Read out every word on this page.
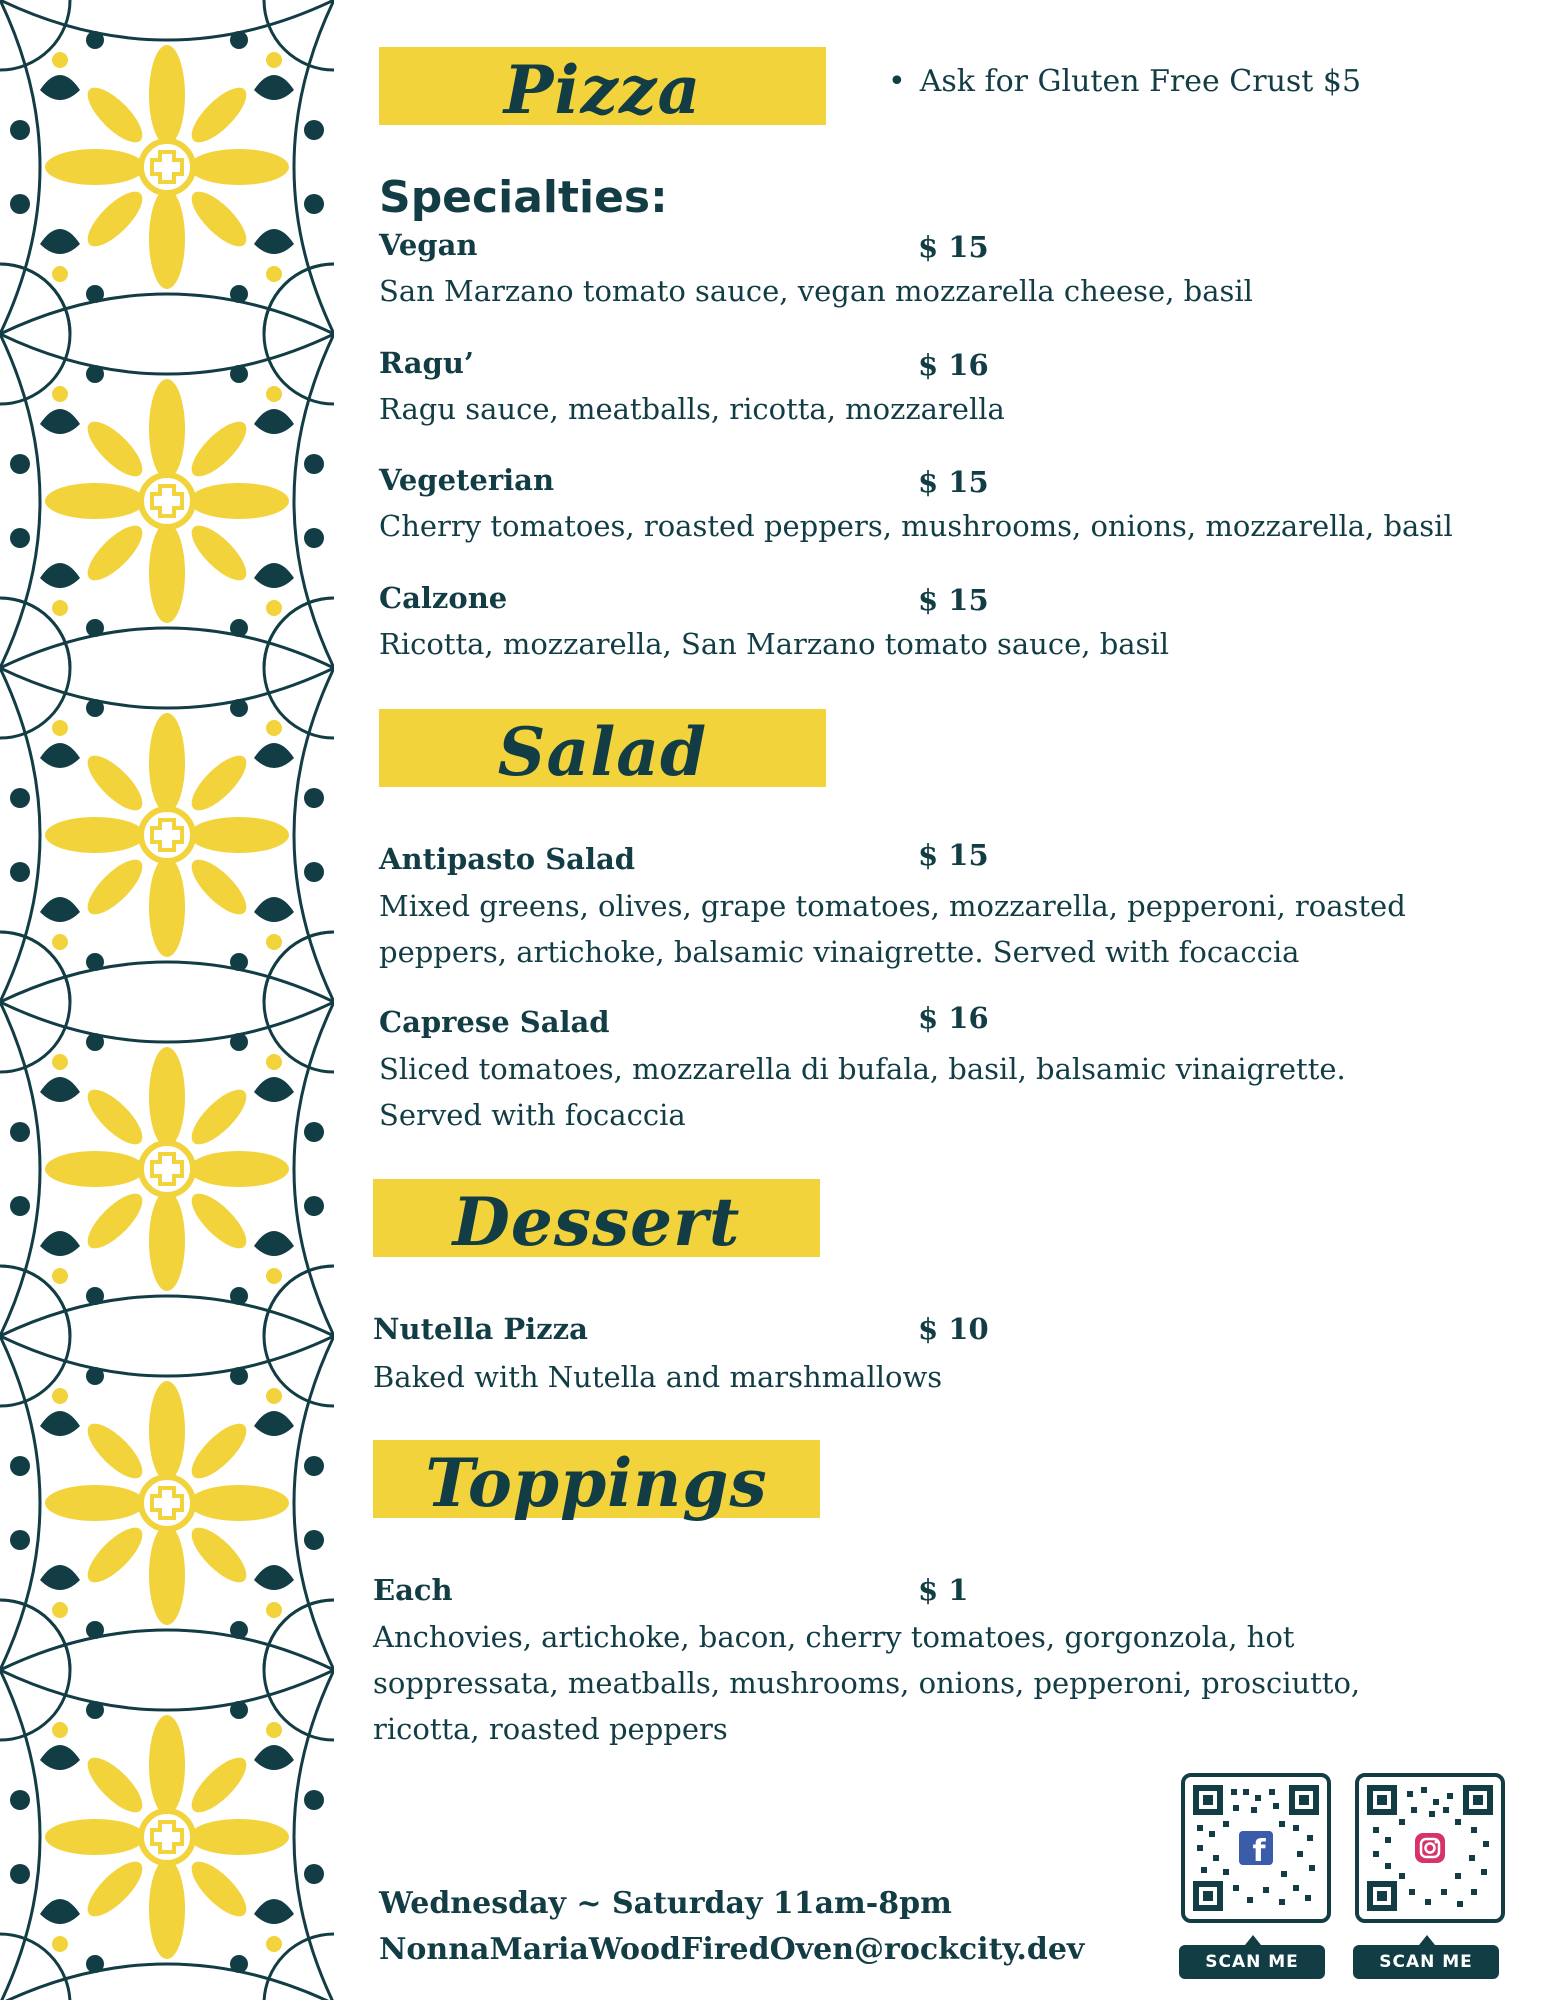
Pizza
•	Ask for Gluten Free Crust $5
Specialties:
Vegan	$ 15
San Marzano tomato sauce, vegan mozzarella cheese, basil
Ragu’	$ 16
Ragu sauce, meatballs, ricotta, mozzarella
Vegeterian	$ 15
Cherry tomatoes, roasted peppers, mushrooms, onions, mozzarella, basil
Calzone	$ 15
Ricotta, mozzarella, San Marzano tomato sauce, basil
Salad
Antipasto Salad	$ 15
Mixed greens, olives, grape tomatoes, mozzarella, pepperoni, roasted peppers, artichoke, balsamic vinaigrette. Served with focaccia
Caprese Salad	$ 16
Sliced tomatoes, mozzarella di bufala, basil, balsamic vinaigrette. Served with focaccia
Dessert
Nutella Pizza	$ 10
Baked with Nutella and marshmallows
Toppings
Each	$ 1
Anchovies, artichoke, bacon, cherry tomatoes, gorgonzola, hot soppressata, meatballs, mushrooms, onions, pepperoni, prosciutto, ricotta, roasted peppers
Wednesday ~ Saturday 11am-8pm
NonnaMariaWoodFiredOven@rockcity.dev
f
SCAN ME	SCAN ME
